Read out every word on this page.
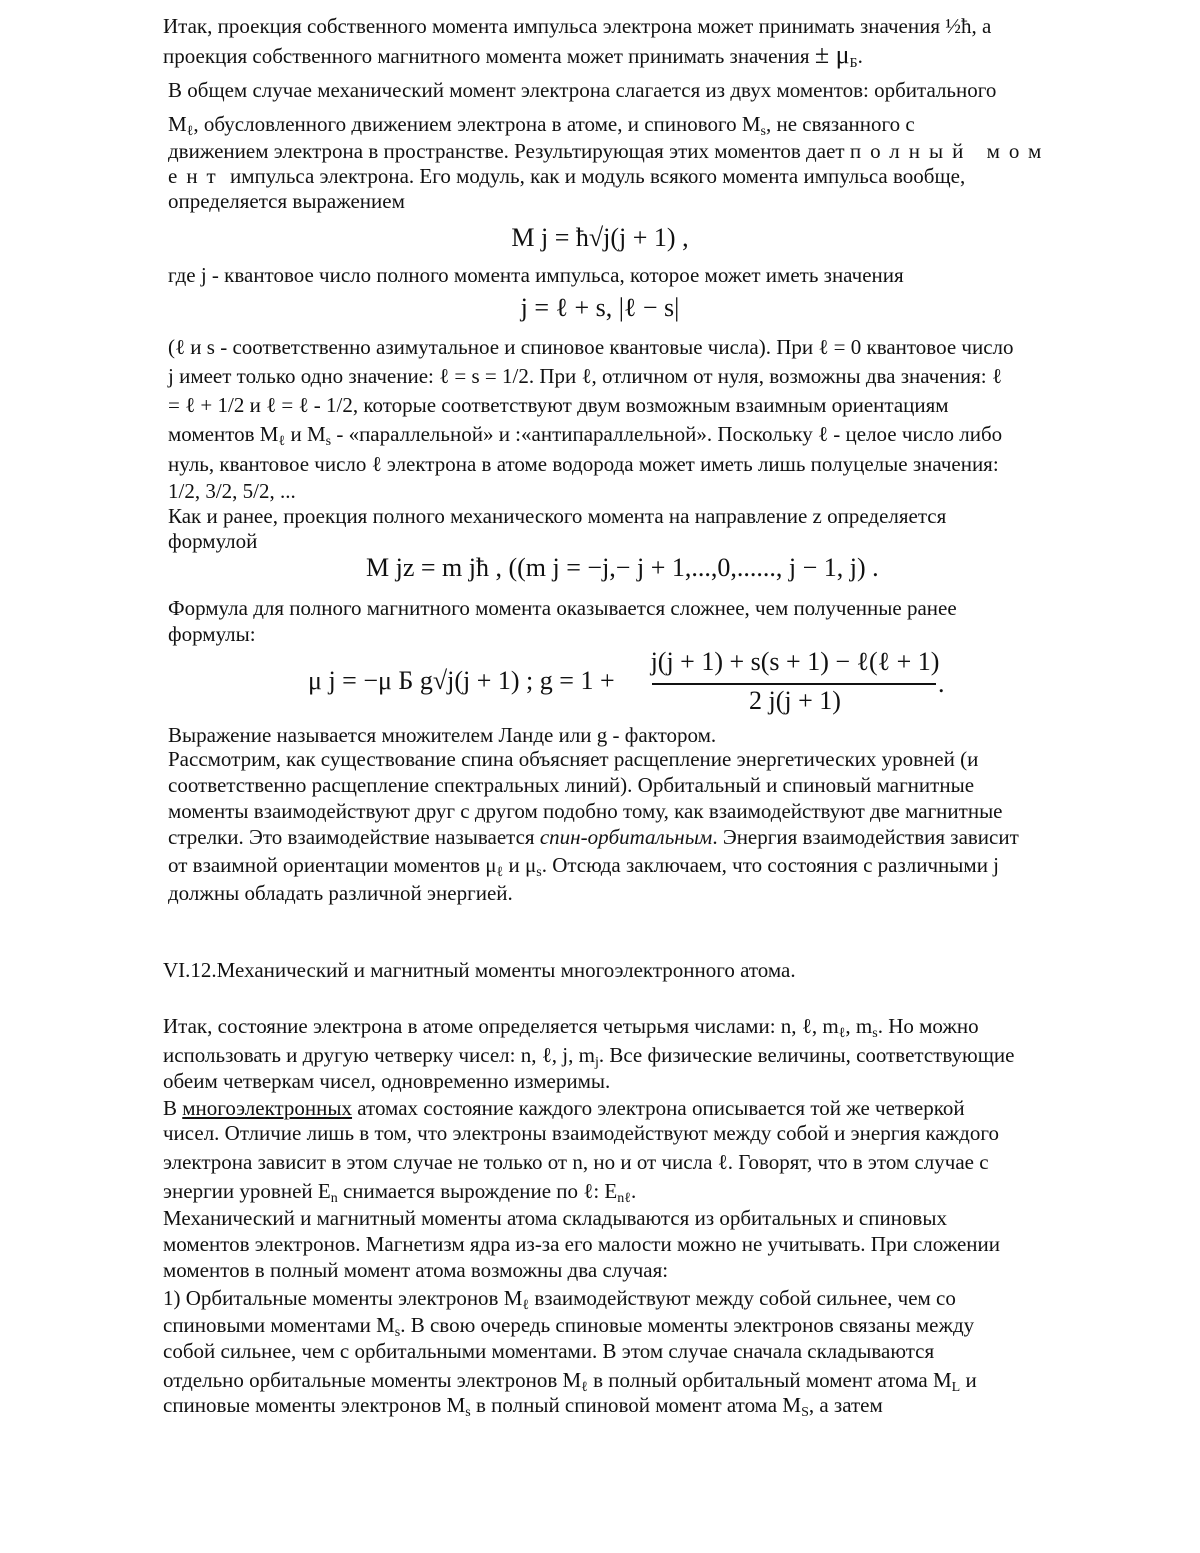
Итак, проекция собственного момента импульса электрона может принимать значения ½ħ, а
проекция собственного магнитного момента может принимать значения ± $\mu_Б$.
В общем случае механический момент электрона слагается из двух моментов: орбитального
$M_\ell$, обусловленного движением электрона в атоме, и спинового $M_s$, не связанного с
движением электрона в пространстве. Результирующая этих моментов дает полный мом
ент импульса электрона. Его модуль, как и модуль всякого момента импульса вообще,
определяется выражением
M j = ħ√j(j + 1) ,
где j - квантовое число полного момента импульса, которое может иметь значения
j = ℓ + s, |ℓ − s|
(ℓ и s - соответственно азимутальное и спиновое квантовые числа). При ℓ = 0 квантовое число
j имеет только одно значение: ℓ = s = 1/2. При ℓ, отличном от нуля, возможны два значения: ℓ
= ℓ + 1/2 и ℓ = ℓ - 1/2, которые соответствуют двум возможным взаимным ориентациям
моментов $M_\ell$ и $M_s$ - «параллельной» и :«антипараллельной». Поскольку ℓ - целое число либо
нуль, квантовое число ℓ электрона в атоме водорода может иметь лишь полуцелые значения:
1/2, 3/2, 5/2, ...
Как и ранее, проекция полного механического момента на направление z определяется
формулой
M jz = m jħ , ((m j = −j,− j + 1,...,0,......, j − 1, j) .
Формула для полного магнитного момента оказывается сложнее, чем полученные ранее
формулы:
μ j = −μ Б g√j(j + 1) ; g = 1 +
j(j + 1) + s(s + 1) − ℓ(ℓ + 1)
2 j(j + 1)
.
Выражение называется множителем Ланде или g - фактором.
Рассмотрим, как существование спина объясняет расщепление энергетических уровней (и
соответственно расщепление спектральных линий). Орбитальный и спиновый магнитные
моменты взаимодействуют друг с другом подобно тому, как взаимодействуют две магнитные
стрелки. Это взаимодействие называется спин-орбитальным. Энергия взаимодействия зависит
от взаимной ориентации моментов $\mu_\ell$ и $\mu_s$. Отсюда заключаем, что состояния с различными j
должны обладать различной энергией.
VI.12.Механический и магнитный моменты многоэлектронного атома.
Итак, состояние электрона в атоме определяется четырьмя числами: n, ℓ, $m_\ell$, $m_s$. Но можно
использовать и другую четверку чисел: n, ℓ, j, $m_j$. Все физические величины, соответствующие
обеим четверкам чисел, одновременно измеримы.
В многоэлектронных атомах состояние каждого электрона описывается той же четверкой
чисел. Отличие лишь в том, что электроны взаимодействуют между собой и энергия каждого
электрона зависит в этом случае не только от n, но и от числа ℓ. Говорят, что в этом случае с
энергии уровней $E_n$ снимается вырождение по ℓ: $E_{n\ell}$.
Механический и магнитный моменты атома складываются из орбитальных и спиновых
моментов электронов. Магнетизм ядра из-за его малости можно не учитывать. При сложении
моментов в полный момент атома возможны два случая:
1) Орбитальные моменты электронов $M_\ell$ взаимодействуют между собой сильнее, чем со
спиновыми моментами $M_s$. В свою очередь спиновые моменты электронов связаны между
собой сильнее, чем с орбитальными моментами. В этом случае сначала складываются
отдельно орбитальные моменты электронов $M_\ell$ в полный орбитальный момент атома $M_L$ и
спиновые моменты электронов $M_s$ в полный спиновой момент атома $M_S$, а затем
